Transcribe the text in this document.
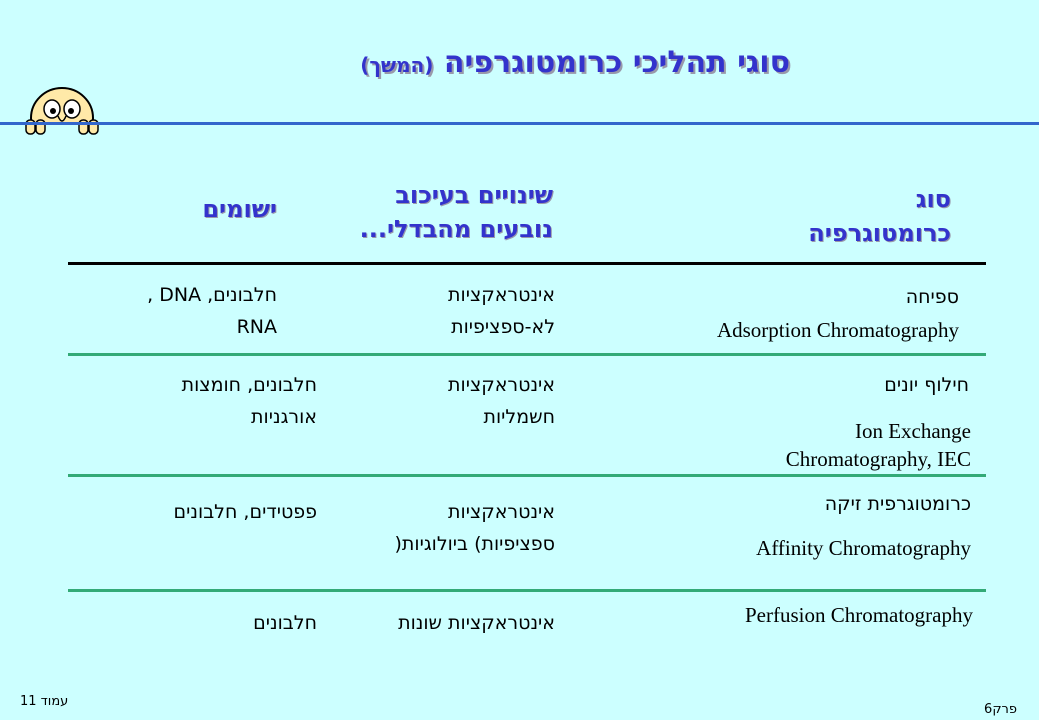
סוגי תהליכי כרומטוגרפיה (המשך)
סוג
כרומטוגרפיה
שינויים בעיכוב
נובעים מהבדלי...
ישומים
ספיחה
Adsorption Chromatography
אינטראקציות
לא-ספציפיות
חלבונים, DNA ,
RNA
חילוף יונים
Ion Exchange
Chromatography, IEC
אינטראקציות
חשמליות
חלבונים, חומצות
אורגניות
כרומטוגרפית זיקה
Affinity Chromatography
אינטראקציות
ספציפיות) ביולוגיות(
פפטידים, חלבונים
Perfusion Chromatography
אינטראקציות שונות
חלבונים
עמוד 11
פרק6
